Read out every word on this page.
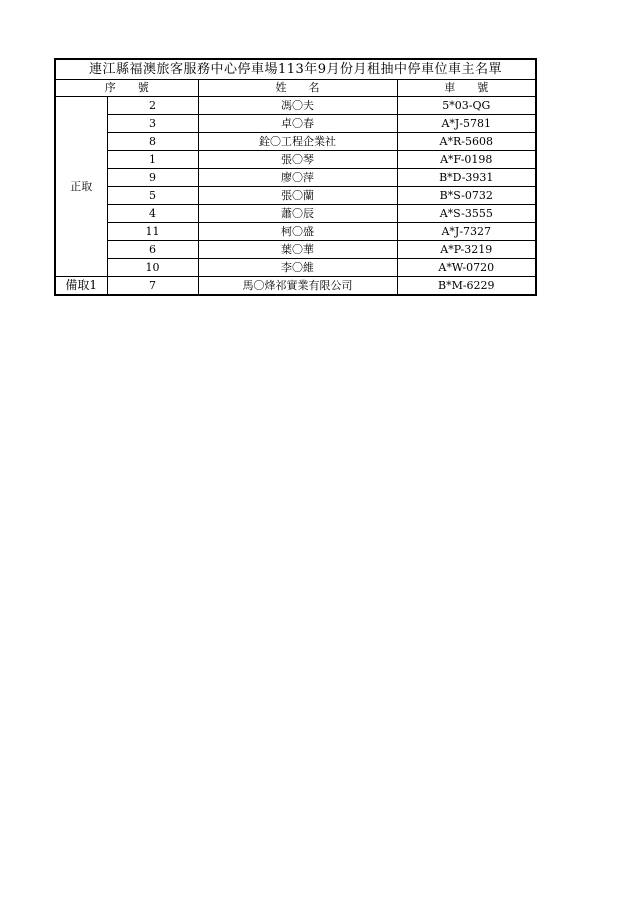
連江縣福澳旅客服務中心停車場113年9月份月租抽中停車位車主名單			
序　　號		姓　　名	車　　號
正取	2	馮〇夫	5*03-QG
	3	卓〇春	A*J-5781
	8	銓〇工程企業社	A*R-5608
	1	張〇琴	A*F-0198
	9	廖〇萍	B*D-3931
	5	張〇蘭	B*S-0732
	4	蕭〇辰	A*S-3555
	11	柯〇盛	A*J-7327
	6	葉〇華	A*P-3219
	10	李〇維	A*W-0720
備取1	7	馬〇烽祁實業有限公司	B*M-6229
